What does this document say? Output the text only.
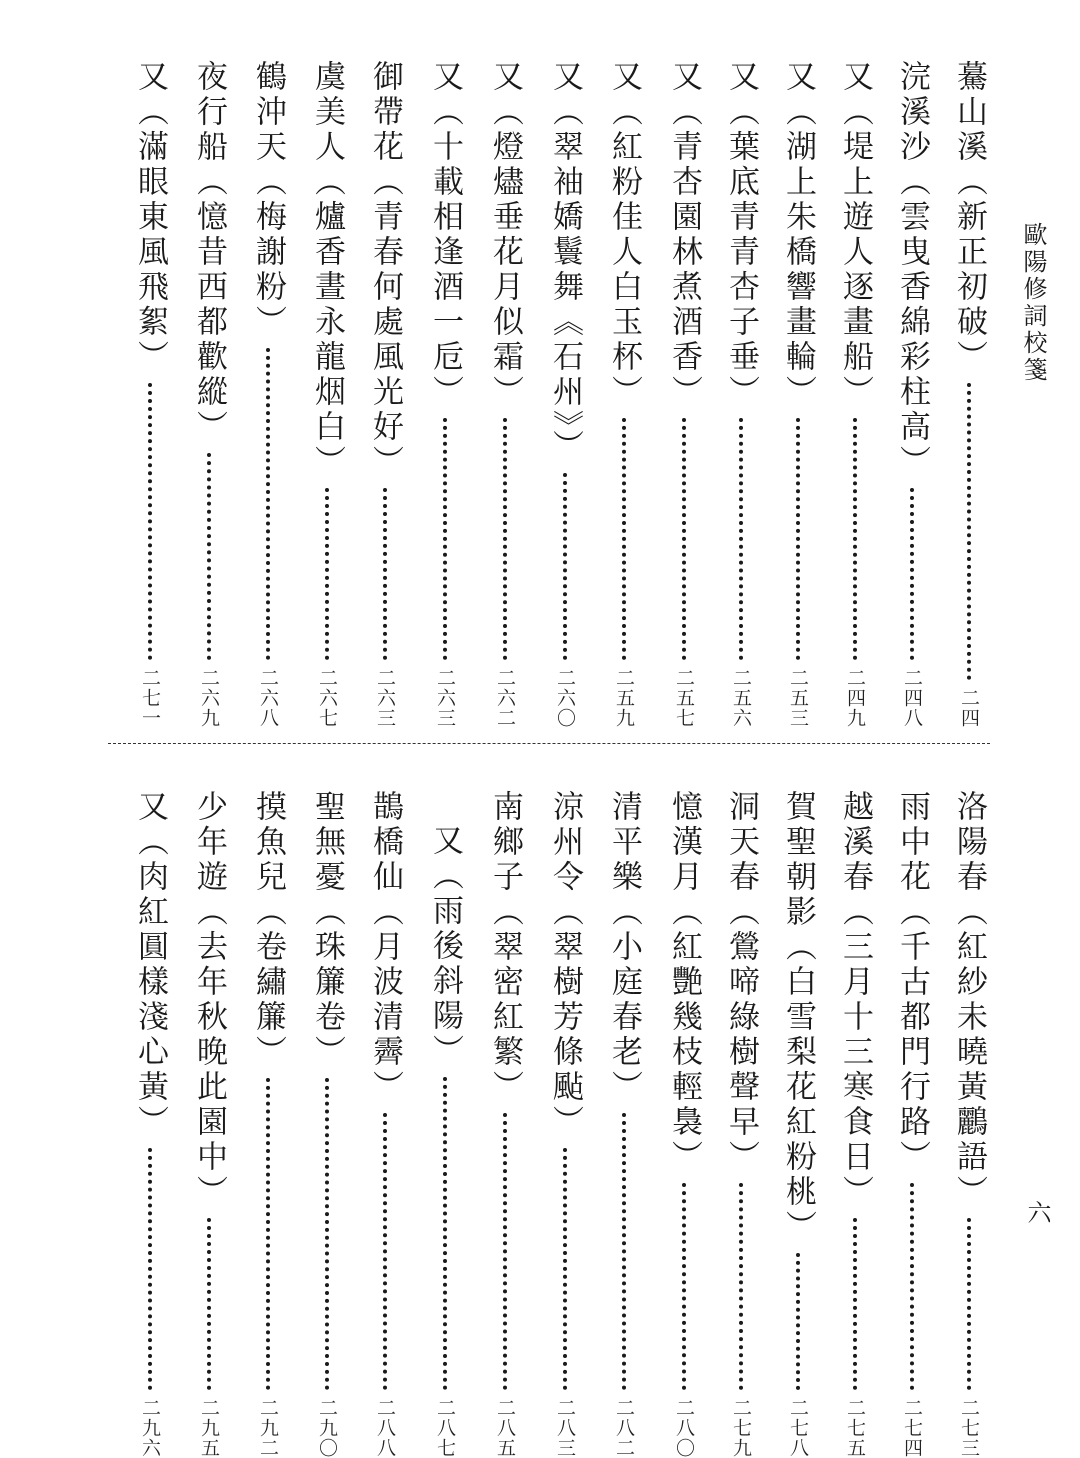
歐陽修詞校箋
六
驀山溪（新正初破）
二四
浣溪沙（雲曳香綿彩柱高）
二四八
又（堤上遊人逐畫船）
二四九
又（湖上朱橋響畫輪）
二五三
又（葉底青青杏子垂）
二五六
又（青杏園林煮酒香）
二五七
又（紅粉佳人白玉杯）
二五九
又（翠袖嬌鬟舞《石州》）
二六〇
又（燈燼垂花月似霜）
二六二
又（十載相逢酒一卮）
二六三
御帶花（青春何處風光好）
二六三
虞美人（爐香晝永龍烟白）
二六七
鶴沖天（梅謝粉）
二六八
夜行船（憶昔西都歡縱）
二六九
又（滿眼東風飛絮）
二七一
洛陽春（紅紗未曉黃鸝語）
二七三
雨中花（千古都門行路）
二七四
越溪春（三月十三寒食日）
二七五
賀聖朝影（白雪梨花紅粉桃）
二七八
洞天春（鶯啼綠樹聲早）
二七九
憶漢月（紅艷幾枝輕裊）
二八〇
清平樂（小庭春老）
二八二
涼州令（翠樹芳條颭）
二八三
南鄉子（翠密紅繁）
二八五
又（雨後斜陽）
二八七
鵲橋仙（月波清霽）
二八八
聖無憂（珠簾卷）
二九〇
摸魚兒（卷繡簾）
二九二
少年遊（去年秋晚此園中）
二九五
又（肉紅圓樣淺心黃）
二九六
